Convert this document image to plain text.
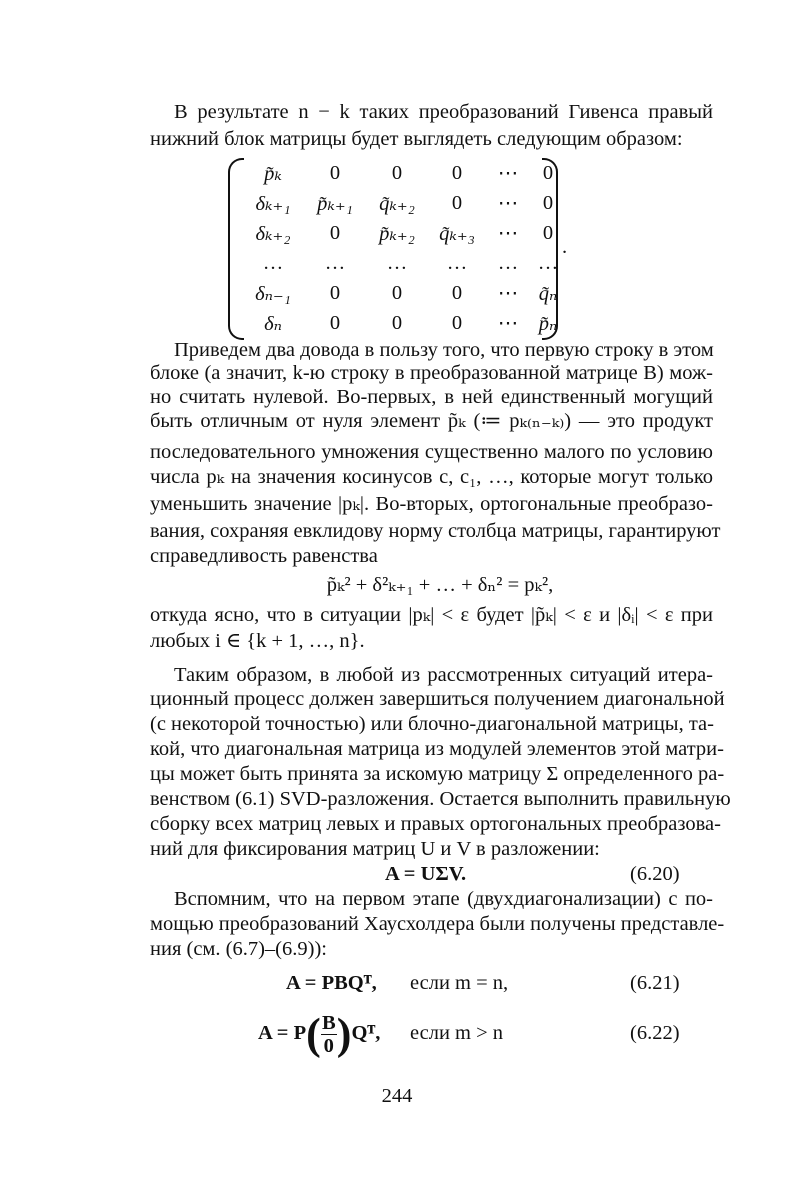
В результате n − k таких преобразований Гивенса правый
нижний блок матрицы будет выглядеть следующим образом:
p̃ₖ 0	0 0 ⋯ 0
δₖ₊₁ p̃ₖ₊₁ q̃ₖ₊₂ 0 ⋯ 0
δₖ₊₂ 0 p̃ₖ₊₂ q̃ₖ₊₃ ⋯ 0
… … … … … …
δₙ₋₁ 0	0 0 ⋯ q̃ₙ
δₙ 0	0 0 ⋯ p̃ₙ
.
Приведем два довода в пользу того, что первую строку в этом
блоке (а значит, k-ю строку в преобразованной матрице B) мож-
но считать нулевой. Во-первых, в ней единственный могущий
быть отличным от нуля элемент p̃ₖ (≔ pₖ₍ₙ₋ₖ₎) — это продукт
последовательного умножения существенно малого по условию
числа pₖ на значения косинусов c, c₁, …, которые могут только
уменьшить значение |pₖ|. Во-вторых, ортогональные преобразо-
вания, сохраняя евклидову норму столбца матрицы, гарантируют
справедливость равенства
p̃ₖ² + δ²ₖ₊₁ + … + δₙ² = pₖ²,
откуда ясно, что в ситуации |pₖ| < ε будет |p̃ₖ| < ε и |δᵢ| < ε при
любых i ∈ {k + 1, …, n}.
Таким образом, в любой из рассмотренных ситуаций итера-
ционный процесс должен завершиться получением диагональной
(с некоторой точностью) или блочно-диагональной матрицы, та-
кой, что диагональная матрица из модулей элементов этой матри-
цы может быть принята за искомую матрицу Σ определенного ра-
венством (6.1) SVD-разложения. Остается выполнить правильную
сборку всех матриц левых и правых ортогональных преобразова-
ний для фиксирования матриц U и V в разложении:
A = UΣV.	(6.20)
Вспомним, что на первом этапе (двухдиагонализации) с по-
мощью преобразований Хаусхолдера были получены представле-
ния (см. (6.7)–(6.9)):
A = PBQᵀ, если m = n,	(6.21)
$A = P( \frac{B}{0}$ )Qᵀ, если m > n	(6.22)
244
